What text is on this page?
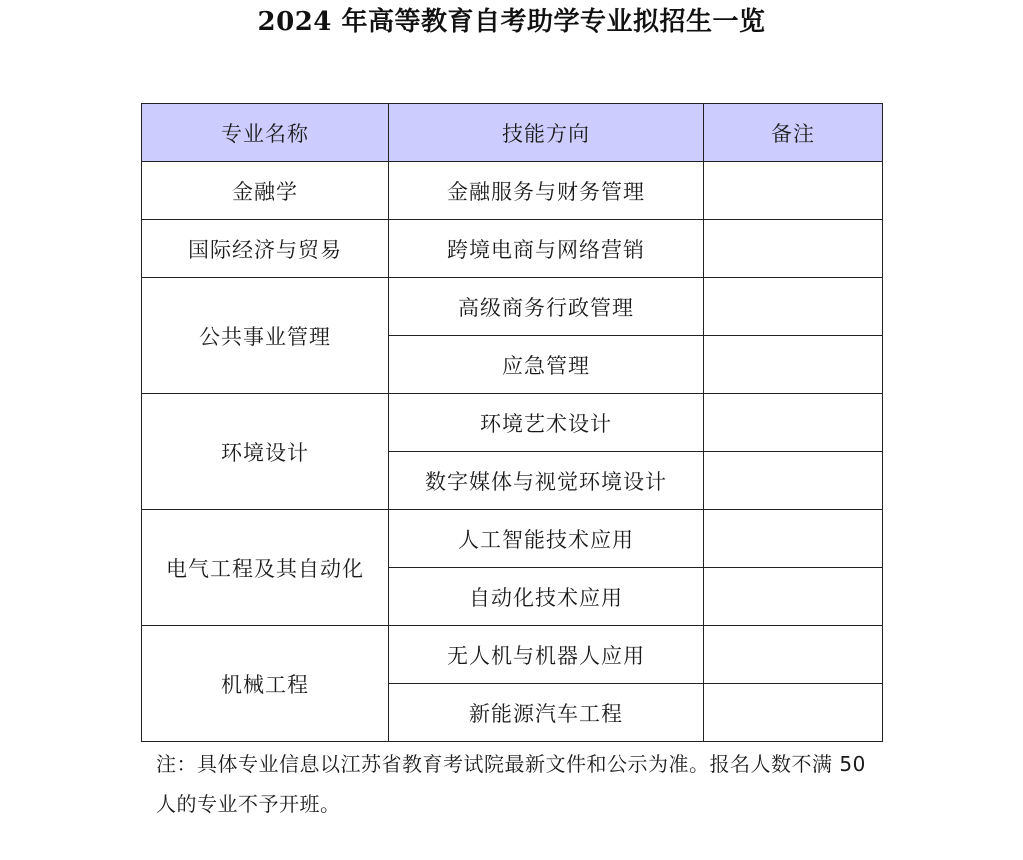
2024 年高等教育自考助学专业拟招生一览
专业名称	技能方向	备注
金融学	金融服务与财务管理	
国际经济与贸易	跨境电商与网络营销	
公共事业管理	高级商务行政管理	
	应急管理	
环境设计	环境艺术设计	
	数字媒体与视觉环境设计	
电气工程及其自动化	人工智能技术应用	
	自动化技术应用	
机械工程	无人机与机器人应用	
	新能源汽车工程	
注：具体专业信息以江苏省教育考试院最新文件和公示为准。报名人数不满 50 人的专业不予开班。
